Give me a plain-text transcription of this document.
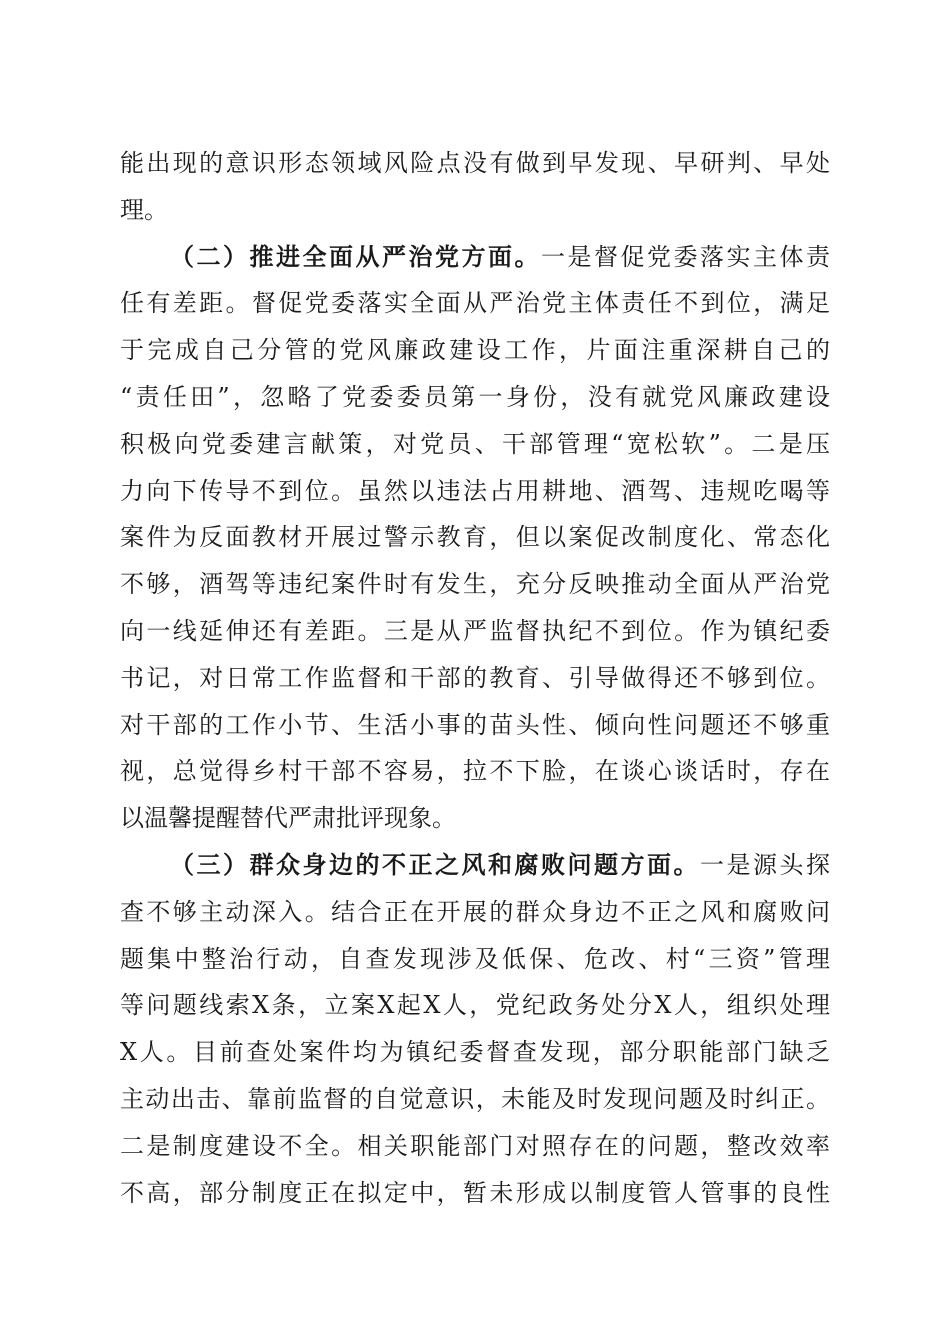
能出现的意识形态领域风险点没有做到早发现、早研判、早处
理。
（二）推进全面从严治党方面。一是督促党委落实主体责
任有差距。督促党委落实全面从严治党主体责任不到位，满足
于完成自己分管的党风廉政建设工作，片面注重深耕自己的
“责任田”，忽略了党委委员第一身份，没有就党风廉政建设
积极向党委建言献策，对党员、干部管理“宽松软”。二是压
力向下传导不到位。虽然以违法占用耕地、酒驾、违规吃喝等
案件为反面教材开展过警示教育，但以案促改制度化、常态化
不够，酒驾等违纪案件时有发生，充分反映推动全面从严治党
向一线延伸还有差距。三是从严监督执纪不到位。作为镇纪委
书记，对日常工作监督和干部的教育、引导做得还不够到位。
对干部的工作小节、生活小事的苗头性、倾向性问题还不够重
视，总觉得乡村干部不容易，拉不下脸，在谈心谈话时，存在
以温馨提醒替代严肃批评现象。
（三）群众身边的不正之风和腐败问题方面。一是源头探
查不够主动深入。结合正在开展的群众身边不正之风和腐败问
题集中整治行动，自查发现涉及低保、危改、村“三资”管理
等问题线索X条，立案X起X人，党纪政务处分X人，组织处理
X人。目前查处案件均为镇纪委督查发现，部分职能部门缺乏
主动出击、靠前监督的自觉意识，未能及时发现问题及时纠正。
二是制度建设不全。相关职能部门对照存在的问题，整改效率
不高，部分制度正在拟定中，暂未形成以制度管人管事的良性
